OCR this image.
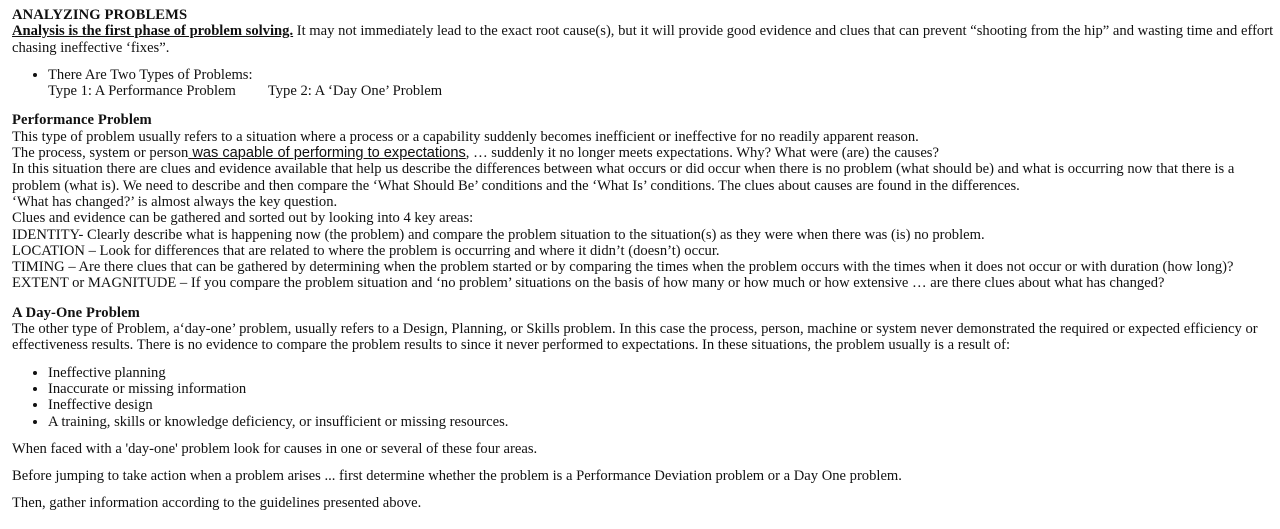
ANALYZING PROBLEMS

Analysis is the first phase of problem solving. It may not immediately lead to the exact root cause(s), but it will provide good evidence and clues that can prevent “shooting from the hip” and wasting time and effort chasing ineffective ‘fixes”.

• There Are Two Types of Problems:
Type 1: A Performance Problem Type 2: A ‘Day One’ Problem
Performance Problem

This type of problem usually refers to a situation where a process or a capability suddenly becomes inefficient or ineffective for no readily apparent reason.

The process, system or person was capable of performing to expectations, … suddenly it no longer meets expectations. Why? What were (are) the causes?

In this situation there are clues and evidence available that help us describe the differences between what occurs or did occur when there is no problem (what should be) and what is occurring now that there is a problem (what is). We need to describe and then compare the ‘What Should Be’ conditions and the ‘What Is’ conditions. The clues about causes are found in the differences.

‘What has changed?’ is almost always the key question.

Clues and evidence can be gathered and sorted out by looking into 4 key areas:

IDENTITY- Clearly describe what is happening now (the problem) and compare the problem situation to the situation(s) as they were when there was (is) no problem.

LOCATION – Look for differences that are related to where the problem is occurring and where it didn’t (doesn’t) occur.

TIMING – Are there clues that can be gathered by determining when the problem started or by comparing the times when the problem occurs with the times when it does not occur or with duration (how long)?

EXTENT or MAGNITUDE – If you compare the problem situation and ‘no problem’ situations on the basis of how many or how much or how extensive … are there clues about what has changed?

A Day-One Problem

The other type of Problem, a‘day-one’ problem, usually refers to a Design, Planning, or Skills problem. In this case the process, person, machine or system never demonstrated the required or expected efficiency or effectiveness results. There is no evidence to compare the problem results to since it never performed to expectations. In these situations, the problem usually is a result of:

• Ineffective planning
• Inaccurate or missing information
• Ineffective design
• A training, skills or knowledge deficiency, or insufficient or missing resources.

When faced with a 'day-one' problem look for causes in one or several of these four areas.

Before jumping to take action when a problem arises ... first determine whether the problem is a Performance Deviation problem or a Day One problem.

Then, gather information according to the guidelines presented above.
